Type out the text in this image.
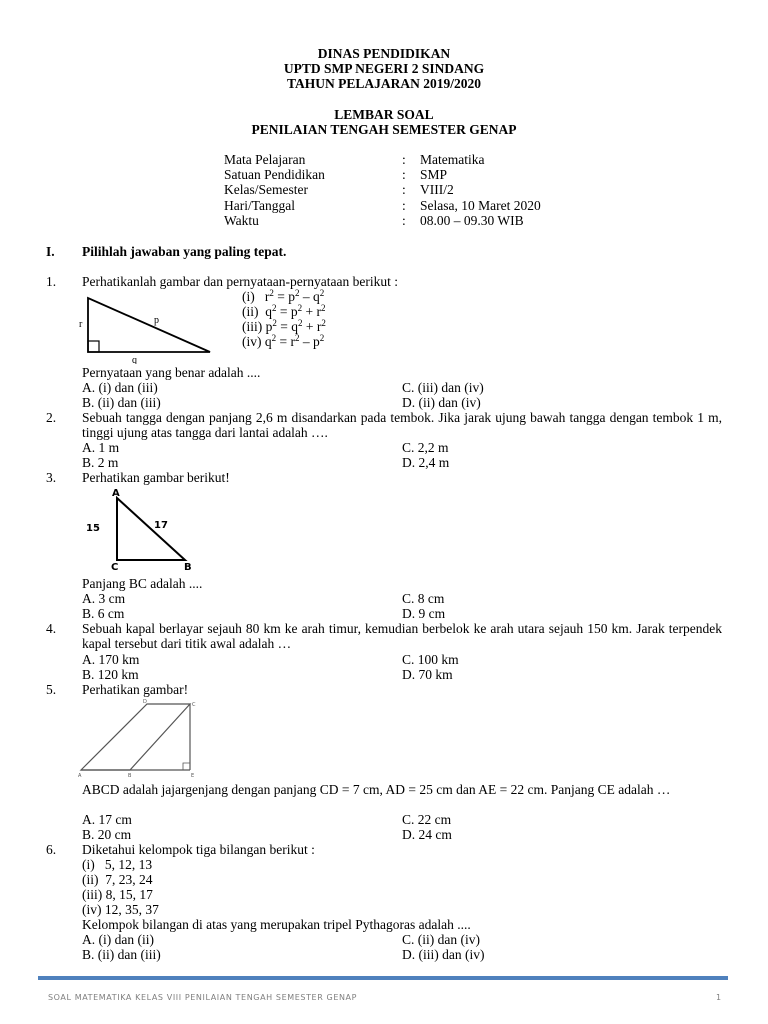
DINAS PENDIDIKAN
UPTD SMP NEGERI 2 SINDANG
TAHUN PELAJARAN 2019/2020
LEMBAR SOAL
PENILAIAN TENGAH SEMESTER GENAP
Mata Pelajaran	: Matematika
Satuan Pendidikan	: SMP
Kelas/Semester	: VIII/2
Hari/Tanggal	: Selasa, 10 Maret 2020
Waktu	: 08.00 – 09.30 WIB
I. Pilihlah jawaban yang paling tepat.
1. Perhatikanlah gambar dan pernyataan-pernyataan berikut :
r	p
q
(i) $r^2 = p^2 - q^2$
(ii) $q^2 = p^2 + r^2$
(iii) $p^2 = q^2 + r^2$
(iv) $q^2 = r^2 - p^2$
Pernyataan yang benar adalah ....
A. (i) dan (iii)	C. (iii) dan (iv)
B. (ii) dan (iii)	D. (ii) dan (iv)
2. Sebuah tangga dengan panjang 2,6 m disandarkan pada tembok. Jika jarak ujung bawah tangga dengan tembok 1 m, tinggi ujung atas tangga dari lantai adalah ….
A. 1 m	C. 2,2 m
B. 2 m	D. 2,4 m
3. Perhatikan gambar berikut!
A
C	B
15	17
Panjang BC adalah ....
A. 3 cm	C. 8 cm
B. 6 cm	D. 9 cm
4. Sebuah kapal berlayar sejauh 80 km ke arah timur, kemudian berbelok ke arah utara sejauh 150 km. Jarak terpendek kapal tersebut dari titik awal adalah …
A. 170 km	C. 100 km
B. 120 km	D. 70 km
5. Perhatikan gambar!
D	C
A	B	E
ABCD adalah jajargenjang dengan panjang CD = 7 cm, AD = 25 cm dan AE = 22 cm. Panjang CE adalah …
A. 17 cm	C. 22 cm
B. 20 cm	D. 24 cm
6. Diketahui kelompok tiga bilangan berikut :
(i)   5, 12, 13
(ii)  7, 23, 24
(iii) 8, 15, 17
(iv) 12, 35, 37
Kelompok bilangan di atas yang merupakan tripel Pythagoras adalah ....
A. (i) dan (ii)	C. (ii) dan (iv)
B. (ii) dan (iii)	D. (iii) dan (iv)
SOAL MATEMATIKA KELAS VIII PENILAIAN TENGAH SEMESTER GENAP	1
